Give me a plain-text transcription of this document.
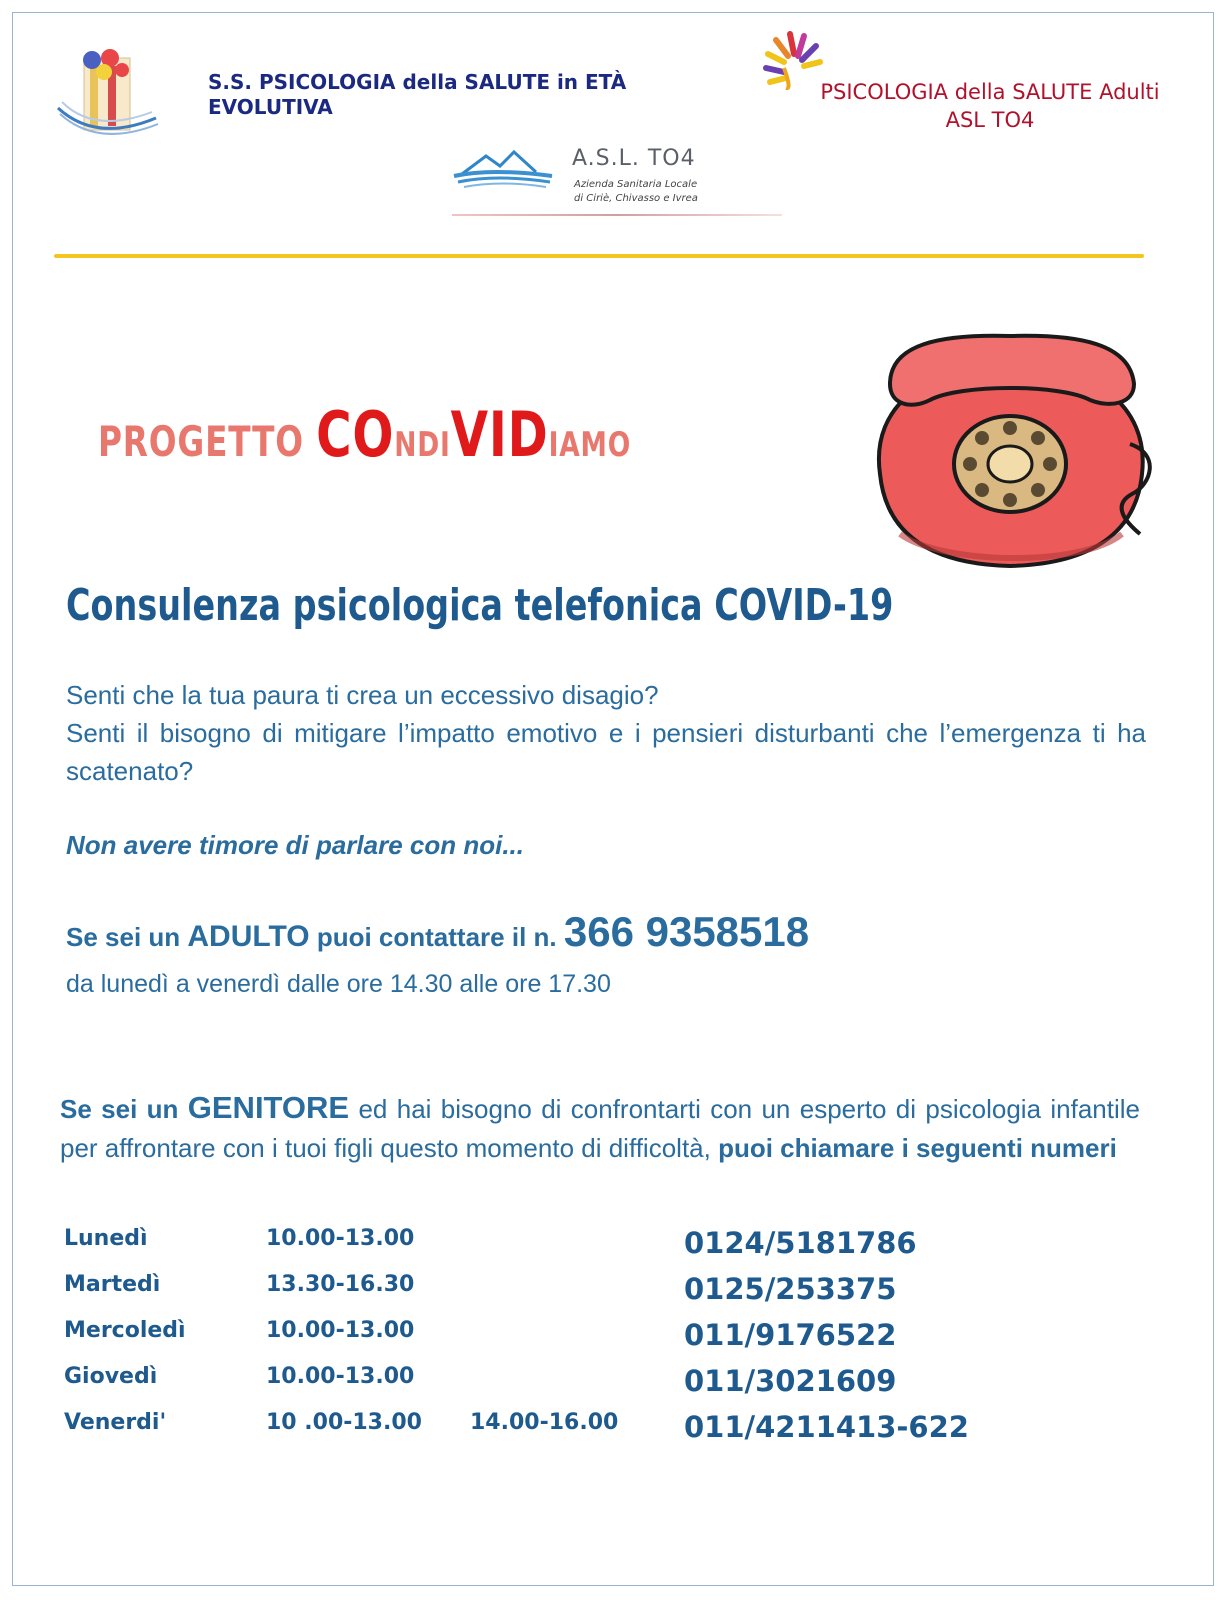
S.S. PSICOLOGIA della SALUTE in ETÀ
EVOLUTIVA
PSICOLOGIA della SALUTE Adulti
ASL TO4
A.S.L. TO4
Azienda Sanitaria Locale
di Ciriè, Chivasso e Ivrea
PROGETTO CONDIVIDIAMO
Consulenza psicologica telefonica COVID-19
Senti che la tua paura ti crea un eccessivo disagio?
Senti il bisogno di mitigare l’impatto emotivo e i pensieri disturbanti che l’emergenza ti ha scatenato?
Non avere timore di parlare con noi...
Se sei un ADULTO puoi contattare il n. 366 9358518
da lunedì a venerdì dalle ore 14.30 alle ore 17.30
Se sei un GENITORE ed hai bisogno di confrontarti con un esperto di psicologia infantile per affrontare con i tuoi figli questo momento di difficoltà, puoi chiamare i seguenti numeri
Lunedì	10.00-13.00	0124/5181786
Martedì	13.30-16.30	0125/253375
Mercoledì	10.00-13.00	011/9176522
Giovedì	10.00-13.00	011/3021609
Venerdi'	10 .00-13.00 14.00-16.00 011/4211413-622
